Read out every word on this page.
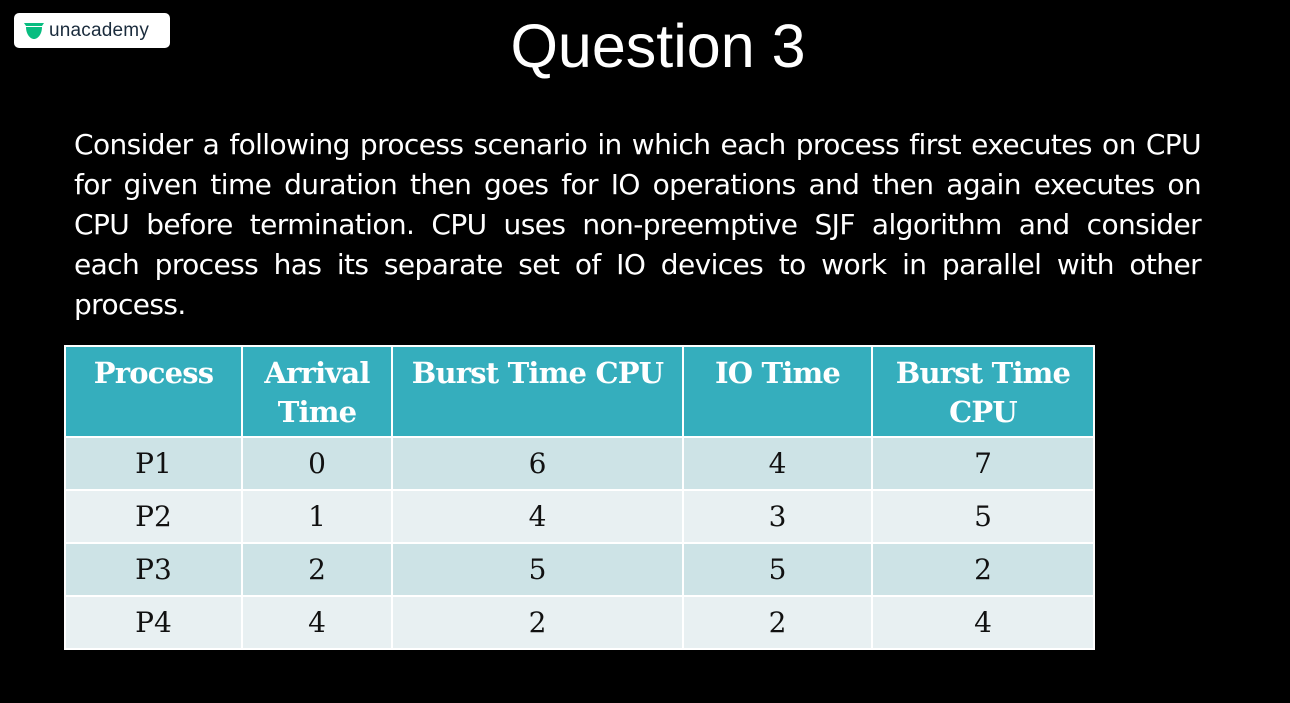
unacademy	Question 3
Consider a following process scenario in which each process first executes on CPU for given time duration then goes for IO operations and then again executes on CPU before termination. CPU uses non-preemptive SJF algorithm and consider each process has its separate set of IO devices to work in parallel with other process.
Process	Arrival Time	Burst Time CPU	IO Time	Burst Time CPU
P1	0	6	4	7
P2	1	4	3	5
P3	2	5	5	2
P4	4	2	2	4
